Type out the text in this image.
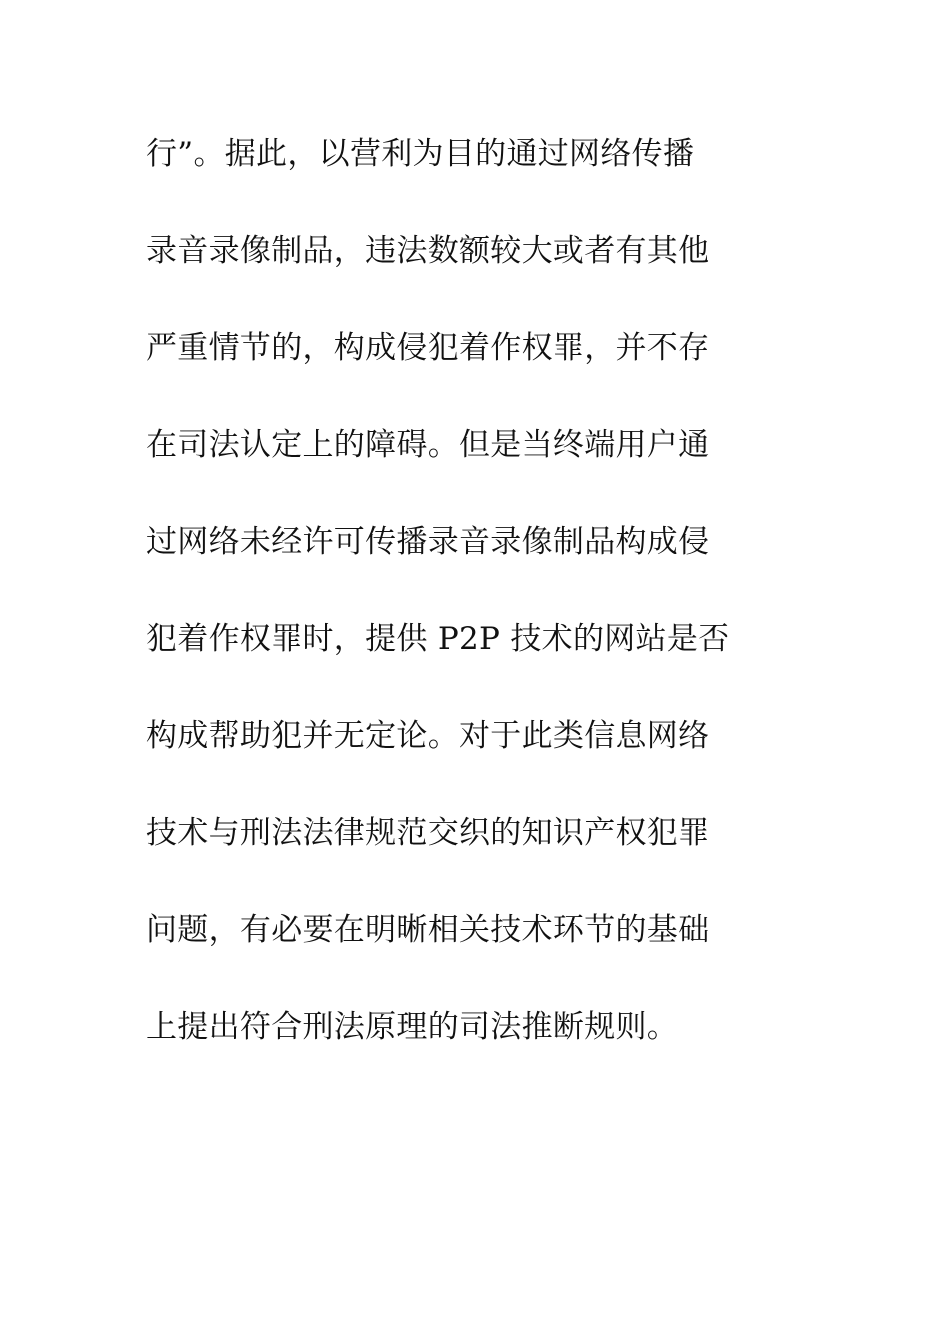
行”。据此，以营利为目的通过网络传播
录音录像制品，违法数额较大或者有其他
严重情节的，构成侵犯着作权罪，并不存
在司法认定上的障碍。但是当终端用户通
过网络未经许可传播录音录像制品构成侵
犯着作权罪时，提供 P2P 技术的网站是否
构成帮助犯并无定论。对于此类信息网络
技术与刑法法律规范交织的知识产权犯罪
问题，有必要在明晰相关技术环节的基础
上提出符合刑法原理的司法推断规则。
